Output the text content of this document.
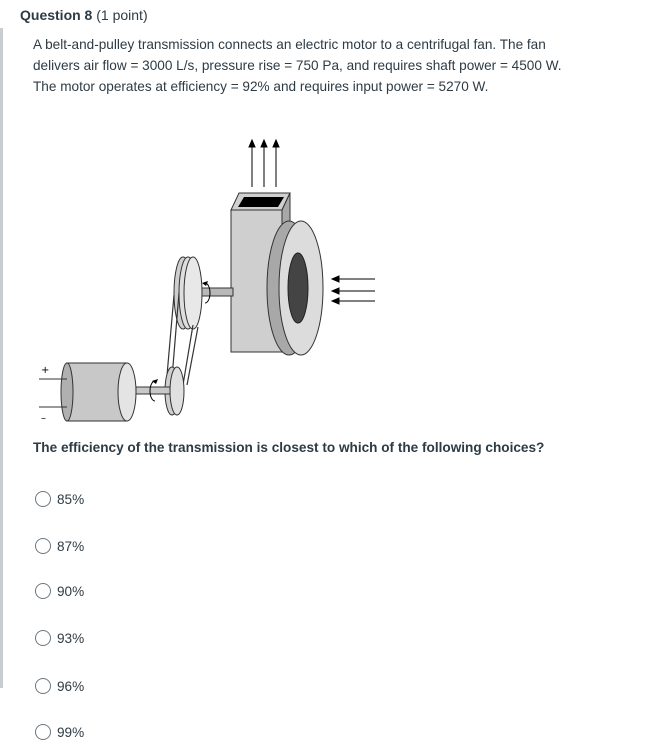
Question 8 (1 point)
A belt-and-pulley transmission connects an electric motor to a centrifugal fan. The fan delivers air flow = 3000 L/s, pressure rise = 750 Pa, and requires shaft power = 4500 W. The motor operates at efficiency = 92% and requires input power = 5270 W.
+
–
The efficiency of the transmission is closest to which of the following choices?
85%
87%
90%
93%
96%
99%
